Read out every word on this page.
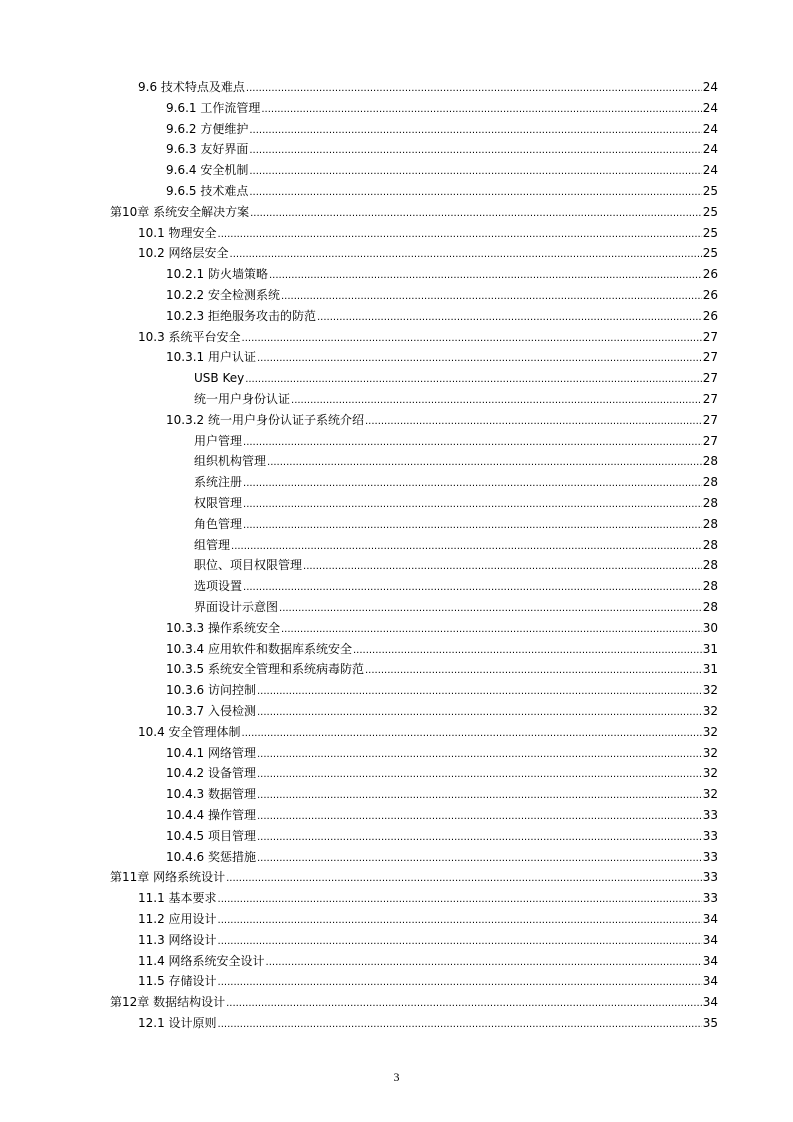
9.6 技术特点及难点 .....	24
9.6.1 工作流管理 .....	24
9.6.2 方便维护 .....	24
9.6.3 友好界面 .....	24
9.6.4 安全机制 .....	24
9.6.5 技术难点 .....	25
第10章 系统安全解决方案 .....	25
10.1 物理安全 .....	25
10.2 网络层安全 .....	25
10.2.1 防火墙策略 .....	26
10.2.2 安全检测系统 .....	26
10.2.3 拒绝服务攻击的防范 .....	26
10.3 系统平台安全 .....	27
10.3.1 用户认证 .....	27
USB Key .....	27
统一用户身份认证 .....	27
10.3.2 统一用户身份认证子系统介绍 .....	27
用户管理 .....	27
组织机构管理 .....	28
系统注册 .....	28
权限管理 .....	28
角色管理 .....	28
组管理 .....	28
职位、项目权限管理 .....	28
选项设置 .....	28
界面设计示意图 .....	28
10.3.3 操作系统安全 .....	30
10.3.4 应用软件和数据库系统安全 .....	31
10.3.5 系统安全管理和系统病毒防范 .....	31
10.3.6 访问控制 .....	32
10.3.7 入侵检测 .....	32
10.4 安全管理体制 .....	32
10.4.1 网络管理 .....	32
10.4.2 设备管理 .....	32
10.4.3 数据管理 .....	32
10.4.4 操作管理 .....	33
10.4.5 项目管理 .....	33
10.4.6 奖惩措施 .....	33
第11章 网络系统设计 .....	33
11.1 基本要求 .....	33
11.2 应用设计 .....	34
11.3 网络设计 .....	34
11.4 网络系统安全设计 .....	34
11.5 存储设计 .....	34
第12章 数据结构设计 .....	34
12.1 设计原则 .....	35
3
